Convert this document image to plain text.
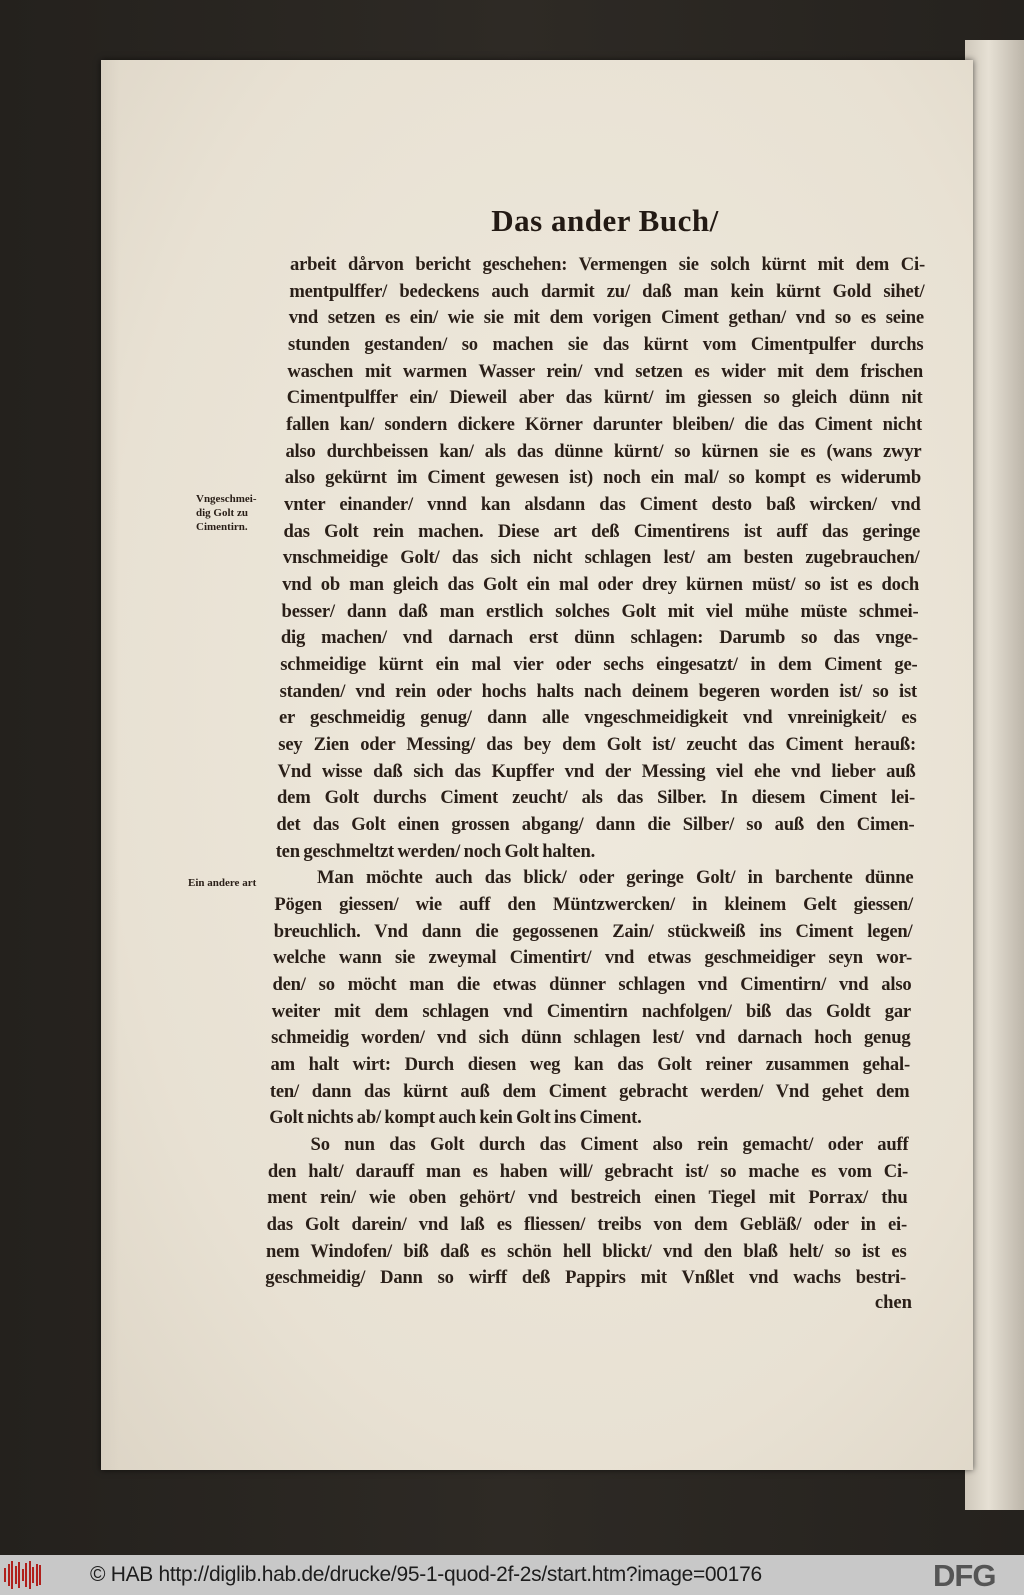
Das ander Buch/
Vngeschmei-
dig Golt zu
Cimentirn.
Ein andere art
arbeit dårvon bericht geschehen: Vermengen sie solch kürnt mit dem Ci-
mentpulffer/ bedeckens auch darmit zu/ daß man kein kürnt Gold sihet/
vnd setzen es ein/ wie sie mit dem vorigen Ciment gethan/ vnd so es seine
stunden gestanden/ so machen sie das kürnt vom Cimentpulfer durchs
waschen mit warmen Wasser rein/ vnd setzen es wider mit dem frischen
Cimentpulffer ein/ Dieweil aber das kürnt/ im giessen so gleich dünn nit
fallen kan/ sondern dickere Körner darunter bleiben/ die das Ciment nicht
also durchbeissen kan/ als das dünne kürnt/ so kürnen sie es (wans zwyr
also gekürnt im Ciment gewesen ist) noch ein mal/ so kompt es widerumb
vnter einander/ vnnd kan alsdann das Ciment desto baß wircken/ vnd
das Golt rein machen. Diese art deß Cimentirens ist auff das geringe
vnschmeidige Golt/ das sich nicht schlagen lest/ am besten zugebrauchen/
vnd ob man gleich das Golt ein mal oder drey kürnen müst/ so ist es doch
besser/ dann daß man erstlich solches Golt mit viel mühe müste schmei-
dig machen/ vnd darnach erst dünn schlagen: Darumb so das vnge-
schmeidige kürnt ein mal vier oder sechs eingesatzt/ in dem Ciment ge-
standen/ vnd rein oder hochs halts nach deinem begeren worden ist/ so ist
er geschmeidig genug/ dann alle vngeschmeidigkeit vnd vnreinigkeit/ es
sey Zien oder Messing/ das bey dem Golt ist/ zeucht das Ciment herauß:
Vnd wisse daß sich das Kupffer vnd der Messing viel ehe vnd lieber auß
dem Golt durchs Ciment zeucht/ als das Silber. In diesem Ciment lei-
det das Golt einen grossen abgang/ dann die Silber/ so auß den Cimen-
ten geschmeltzt werden/ noch Golt halten.
Man möchte auch das blick/ oder geringe Golt/ in barchente dünne
Pögen giessen/ wie auff den Müntzwercken/ in kleinem Gelt giessen/
breuchlich. Vnd dann die gegossenen Zain/ stückweiß ins Ciment legen/
welche wann sie zweymal Cimentirt/ vnd etwas geschmeidiger seyn wor-
den/ so möcht man die etwas dünner schlagen vnd Cimentirn/ vnd also
weiter mit dem schlagen vnd Cimentirn nachfolgen/ biß das Goldt gar
schmeidig worden/ vnd sich dünn schlagen lest/ vnd darnach hoch genug
am halt wirt: Durch diesen weg kan das Golt reiner zusammen gehal-
ten/ dann das kürnt auß dem Ciment gebracht werden/ Vnd gehet dem
Golt nichts ab/ kompt auch kein Golt ins Ciment.
So nun das Golt durch das Ciment also rein gemacht/ oder auff
den halt/ darauff man es haben will/ gebracht ist/ so mache es vom Ci-
ment rein/ wie oben gehört/ vnd bestreich einen Tiegel mit Porrax/ thu
das Golt darein/ vnd laß es fliessen/ treibs von dem Gebläß/ oder in ei-
nem Windofen/ biß daß es schön hell blickt/ vnd den blaß helt/ so ist es
geschmeidig/ Dann so wirff deß Pappirs mit Vnßlet vnd wachs bestri-
chen
© HAB http://diglib.hab.de/drucke/95-1-quod-2f-2s/start.htm?image=00176	DFG
